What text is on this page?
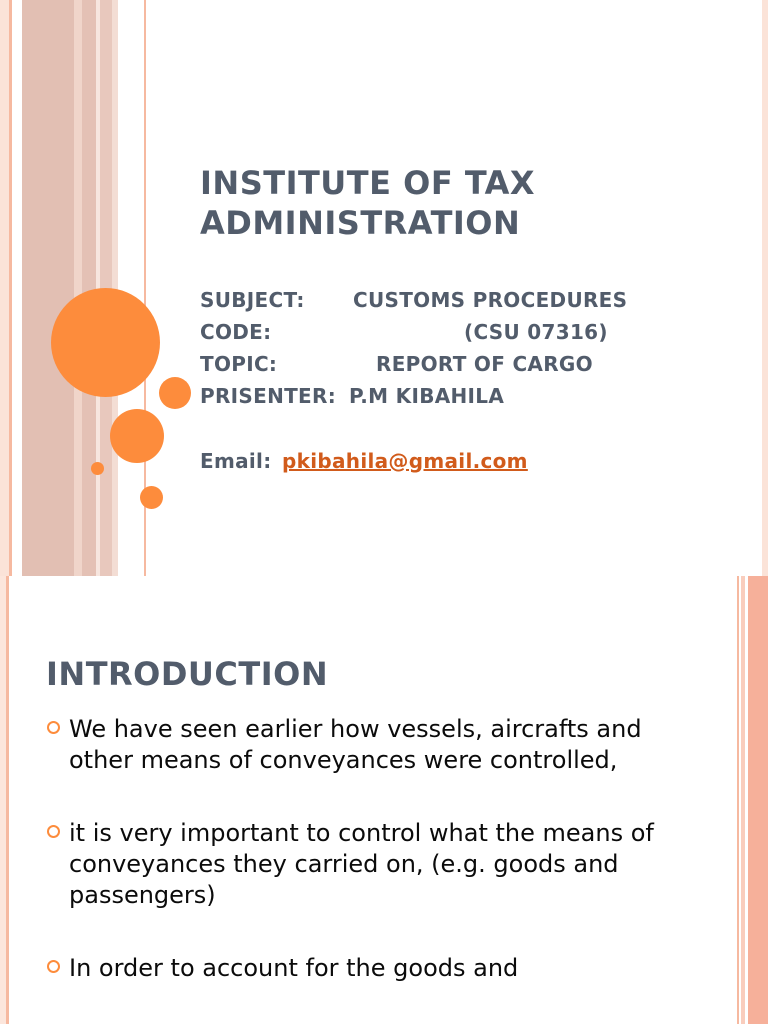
INSTITUTE OF TAX
ADMINISTRATION
SUBJECT: CUSTOMS PROCEDURES
CODE:	(CSU 07316)
TOPIC:	REPORT OF CARGO
PRISENTER: P.M KIBAHILA
Email: pkibahila@gmail.com
INTRODUCTION
We have seen earlier how vessels, aircrafts and other means of conveyances were controlled,
it is very important to control what the means of conveyances they carried on, (e.g. goods and passengers)
In order to account for the goods and
